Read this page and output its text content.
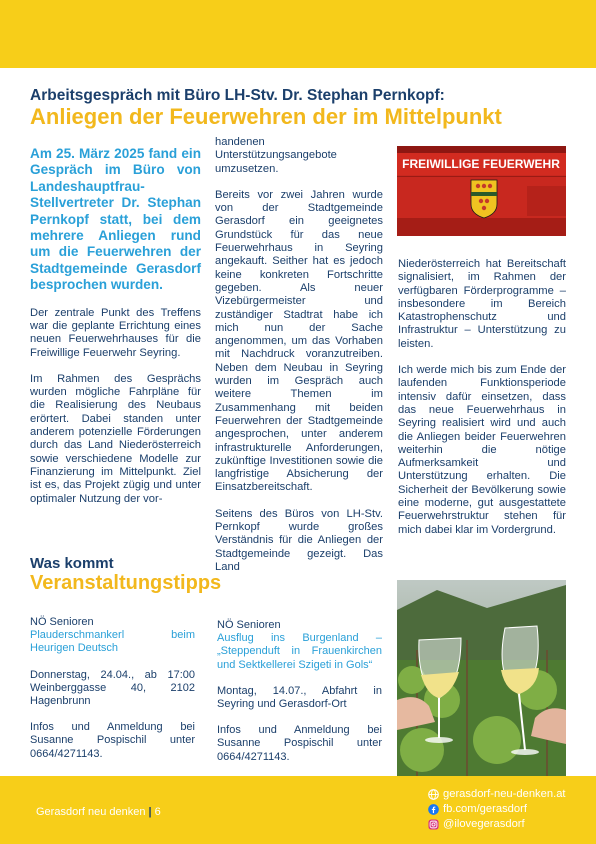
Arbeitsgespräch mit Büro LH-Stv. Dr. Stephan Pernkopf:
Anliegen der Feuerwehren der im Mittelpunkt

Am 25. März 2025 fand ein Gespräch im Büro von Landeshauptfrau-Stellvertreter Dr. Stephan Pernkopf statt, bei dem mehrere Anliegen rund um die Feuerwehren der Stadtgemeinde Gerasdorf besprochen wurden.

Der zentrale Punkt des Treffens war die geplante Errichtung eines neuen Feuerwehrhauses für die Freiwillige Feuerwehr Seyring.

Im Rahmen des Gesprächs wurden mögliche Fahrpläne für die Realisierung des Neubaus erörtert. Dabei standen unter anderem potenzielle Förderungen durch das Land Niederösterreich sowie verschiedene Modelle zur Finanzierung im Mittelpunkt. Ziel ist es, das Projekt zügig und unter optimaler Nutzung der vor-

handenen Unterstützungsangebote umzusetzen.

Bereits vor zwei Jahren wurde von der Stadtgemeinde Gerasdorf ein geeignetes Grundstück für das neue Feuerwehrhaus in Seyring angekauft. Seither hat es jedoch keine konkreten Fortschritte gegeben. Als neuer Vizebürgermeister und zuständiger Stadtrat habe ich mich nun der Sache angenommen, um das Vorhaben mit Nachdruck voranzutreiben. Neben dem Neubau in Seyring wurden im Gespräch auch weitere Themen im Zusammenhang mit beiden Feuerwehren der Stadtgemeinde angesprochen, unter anderem infrastrukturelle Anforderungen, zukünftige Investitionen sowie die langfristige Absicherung der Einsatzbereitschaft.

Seitens des Büros von LH-Stv. Pernkopf wurde großes Verständnis für die Anliegen der Stadtgemeinde gezeigt. Das Land

FREIWILLIGE FEUERWEHR

Niederösterreich hat Bereitschaft signalisiert, im Rahmen der verfügbaren Förderprogramme – insbesondere im Bereich Katastrophenschutz und Infrastruktur – Unterstützung zu leisten.

Ich werde mich bis zum Ende der laufenden Funktionsperiode intensiv dafür einsetzen, dass das neue Feuerwehrhaus in Seyring realisiert wird und auch die Anliegen beider Feuerwehren weiterhin die nötige Aufmerksamkeit und Unterstützung erhalten. Die Sicherheit der Bevölkerung sowie eine moderne, gut ausgestattete Feuerwehrstruktur stehen für mich dabei klar im Vordergrund.

Was kommt
Veranstaltungstipps
NÖ Senioren
Plauderschmankerl beim
Heurigen Deutsch
Donnerstag, 24.04., ab 17:00 Weinberggasse 40, 2102 Hagenbrunn
Infos und Anmeldung bei Susanne Pospischil unter 0664/4271143.
NÖ Senioren
Ausflug ins Burgenland –
„Steppenduft in Frauenkirchen
und Sektkellerei Szigeti in Gols“
Montag, 14.07., Abfahrt in Seyring und Gerasdorf-Ort
Infos und Anmeldung bei Susanne Pospischil unter 0664/4271143.
Gerasdorf neu denken | 6
gerasdorf-neu-denken.at
fb.com/gerasdorf
@ilovegerasdorf
